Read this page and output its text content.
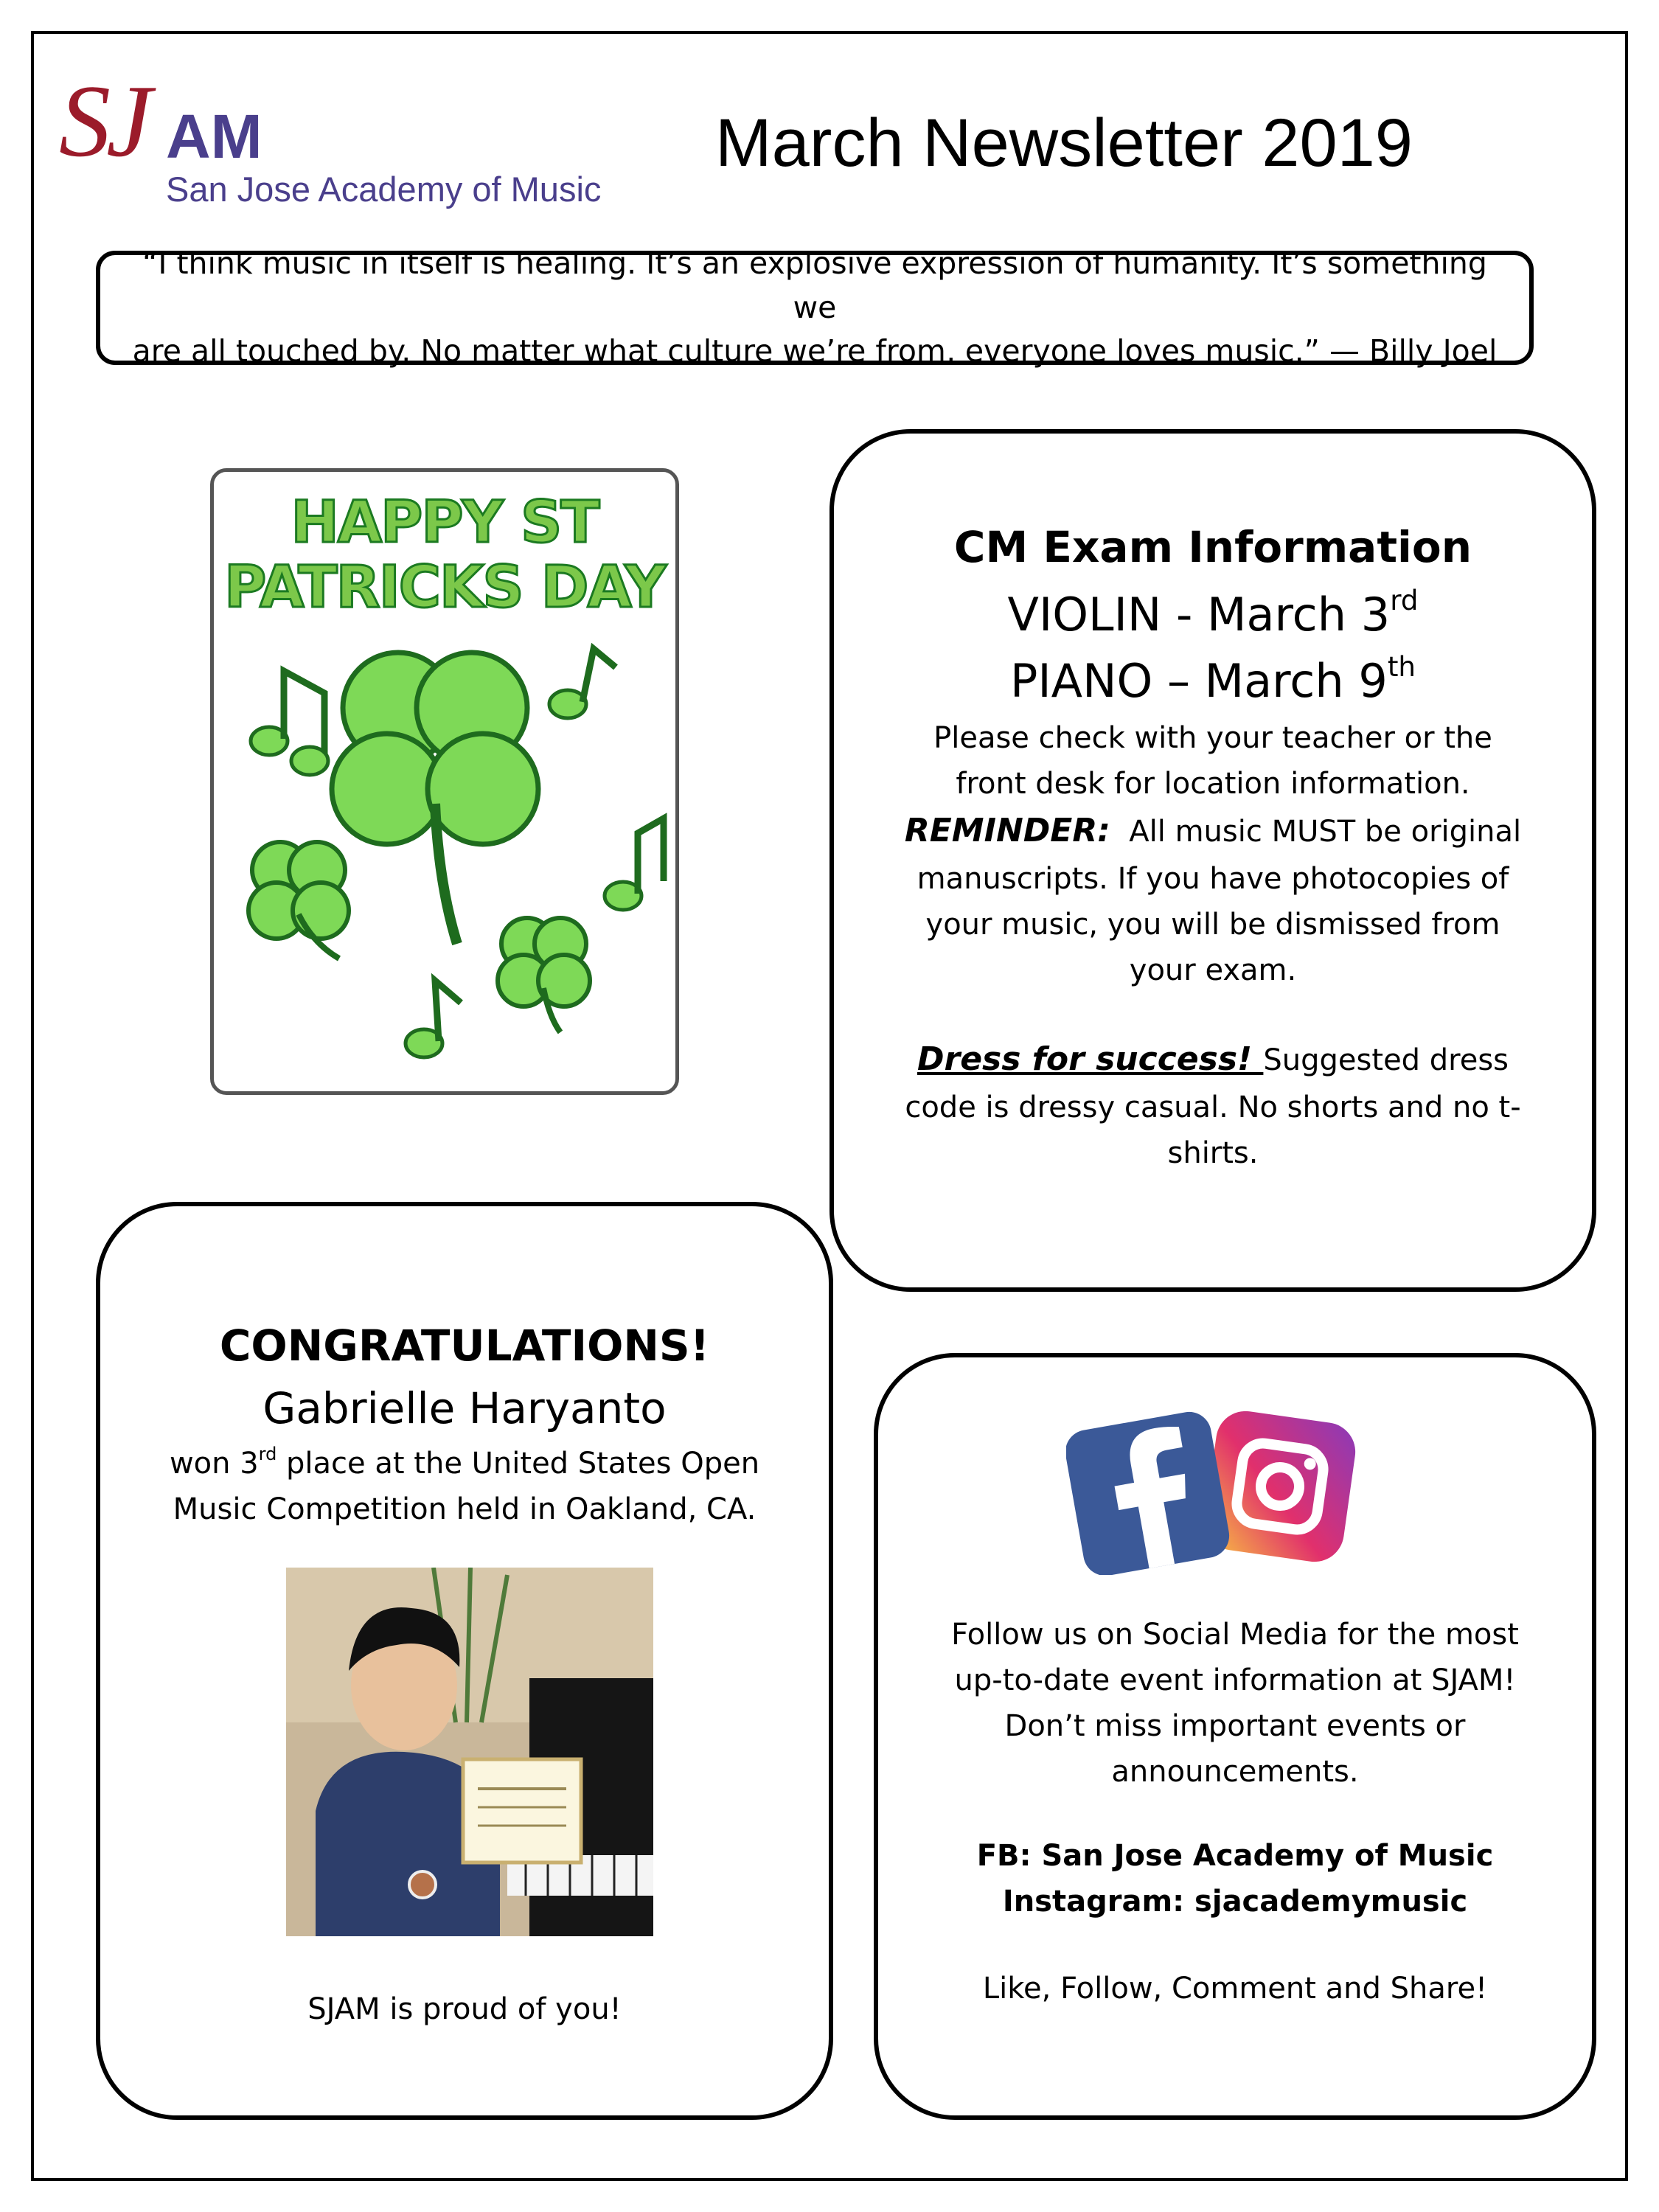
SJ AM
San Jose Academy of Music
March Newsletter 2019
“I think music in itself is healing. It’s an explosive expression of humanity. It’s something we
are all touched by. No matter what culture we’re from, everyone loves music.” — Billy Joel
HAPPY ST
PATRICKS DAY
CM Exam Information
VIOLIN - March 3rd
PIANO – March 9th
Please check with your teacher or the
front desk for location information.
REMINDER: All music MUST be original
manuscripts. If you have photocopies of
your music, you will be dismissed from
your exam.
Dress for success! Suggested dress
code is dressy casual. No shorts and no t-
shirts.
CONGRATULATIONS!
Gabrielle Haryanto
won 3rd place at the United States Open
Music Competition held in Oakland, CA.
SJAM is proud of you!
Follow us on Social Media for the most
up-to-date event information at SJAM!
Don’t miss important events or
announcements.
FB: San Jose Academy of Music
Instagram: sjacademymusic
Like, Follow, Comment and Share!
